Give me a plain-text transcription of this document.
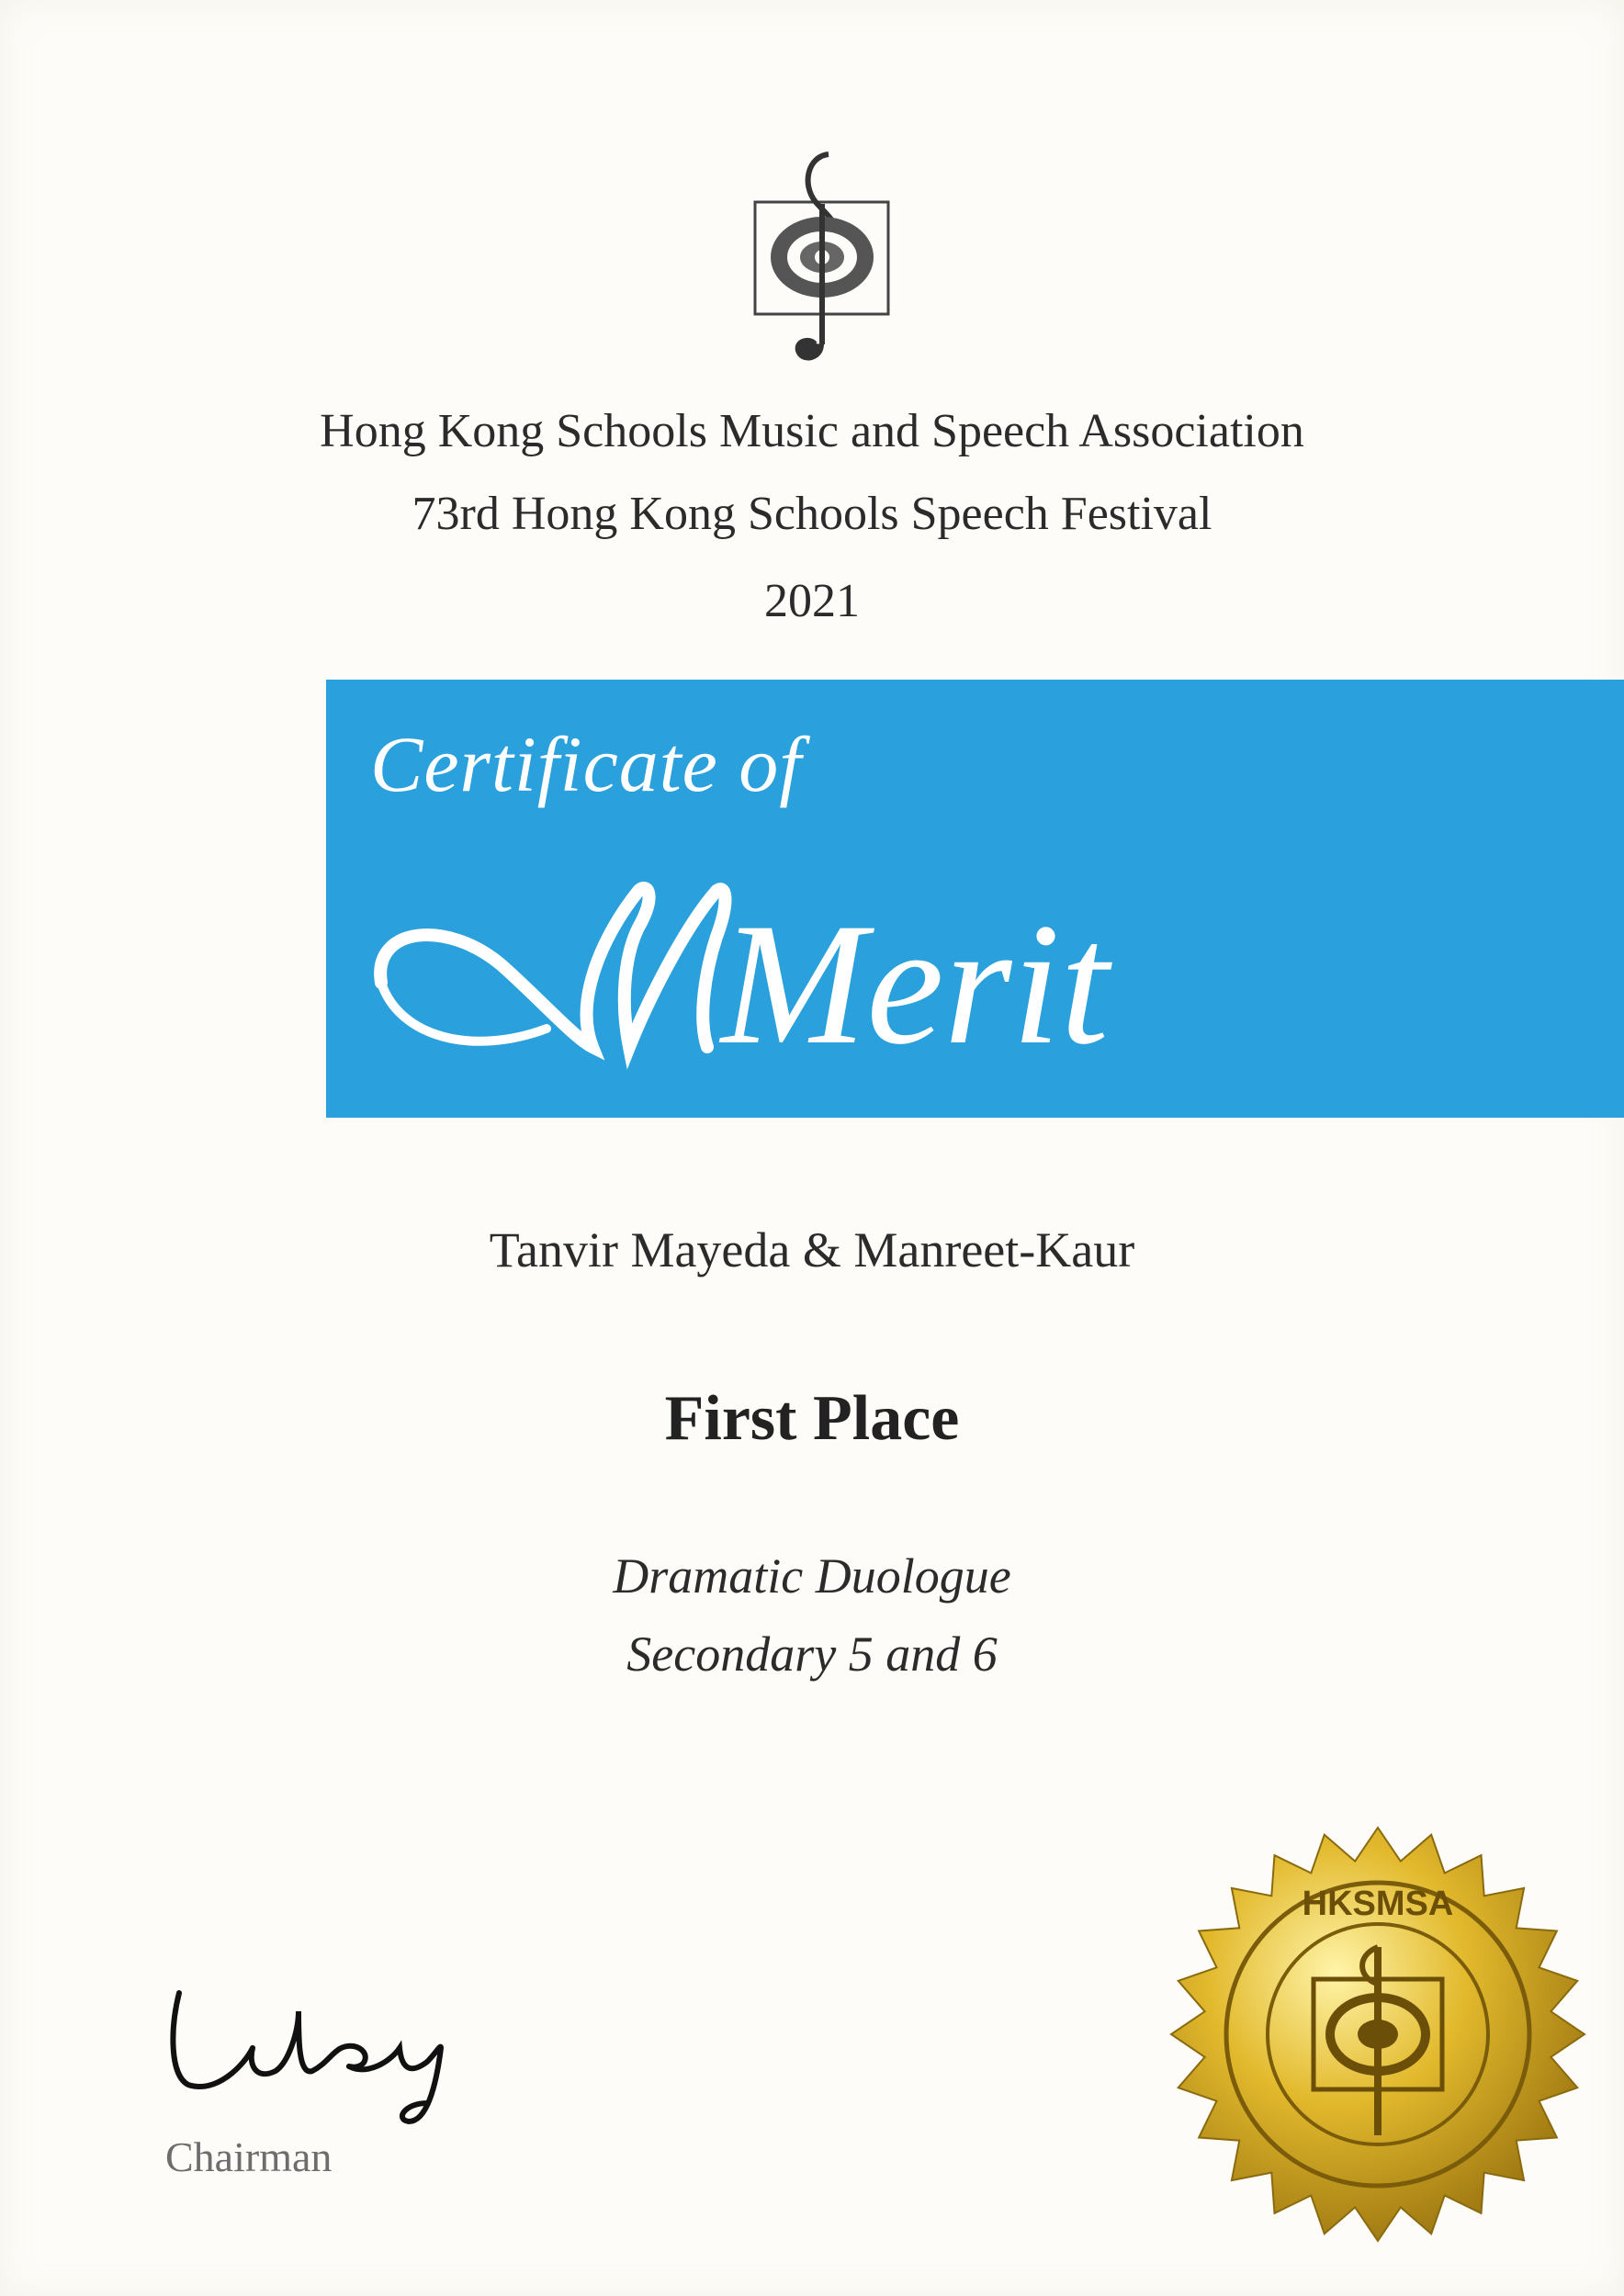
Hong Kong Schools Music and Speech Association
73rd Hong Kong Schools Speech Festival
2021
Certificate of
Merit
Tanvir Mayeda & Manreet-Kaur
First Place
Dramatic Duologue
Secondary 5 and 6
Chairman
HKSMSA
